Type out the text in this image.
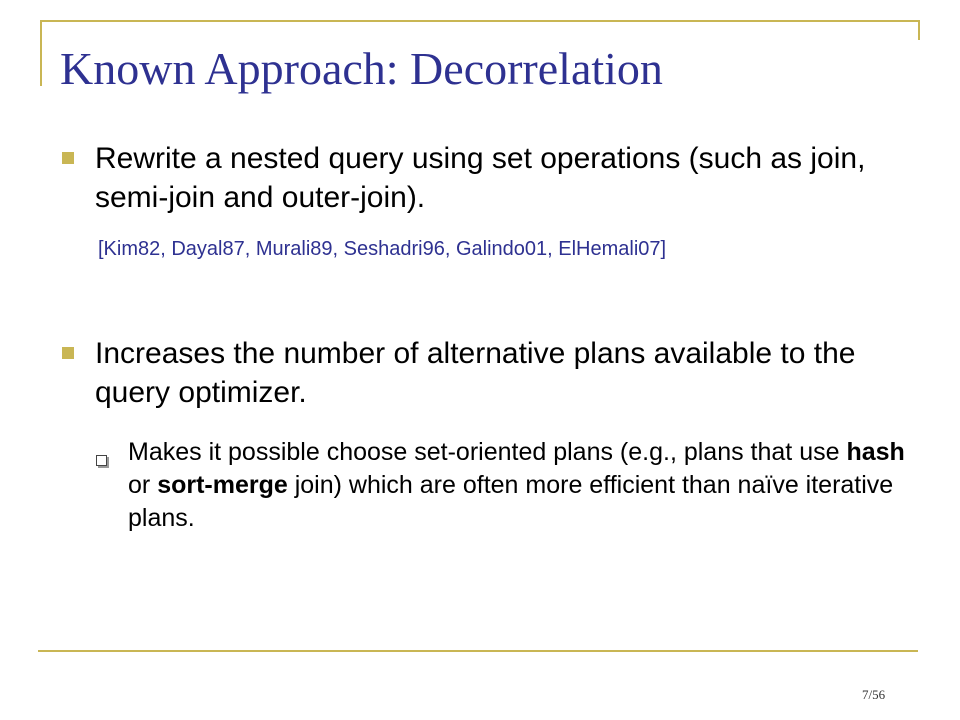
Known Approach: Decorrelation
Rewrite a nested query using set operations (such as join, semi-join and outer-join).
[Kim82, Dayal87, Murali89, Seshadri96, Galindo01, ElHemali07]
Increases the number of alternative plans available to the query optimizer.
Makes it possible choose set-oriented plans (e.g., plans that use hash or sort-merge join) which are often more efficient than naïve iterative plans.
7/56
